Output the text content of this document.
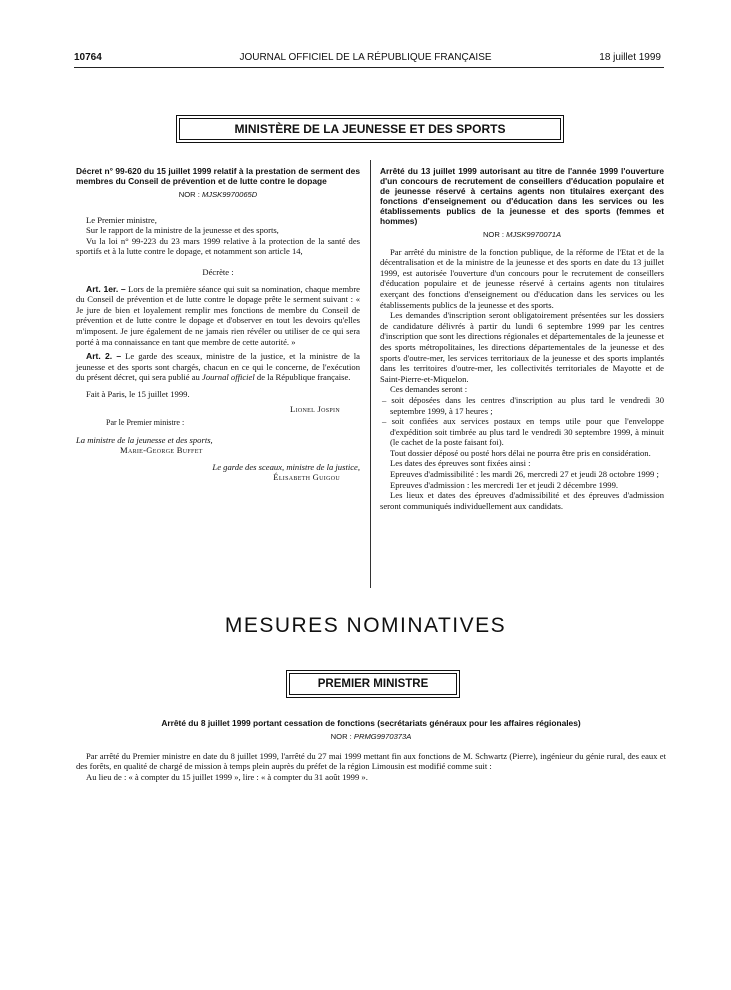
10764	JOURNAL OFFICIEL DE LA RÉPUBLIQUE FRANÇAISE	18 juillet 1999
MINISTÈRE DE LA JEUNESSE ET DES SPORTS
Décret n° 99-620 du 15 juillet 1999 relatif à la prestation de serment des membres du Conseil de prévention et de lutte contre le dopage
NOR : MJSK9970065D

Le Premier ministre,

Sur le rapport de la ministre de la jeunesse et des sports,

Vu la loi n° 99-223 du 23 mars 1999 relative à la protection de la santé des sportifs et à la lutte contre le dopage, et notamment son article 14,

Décrète :

Art. 1er. – Lors de la première séance qui suit sa nomination, chaque membre du Conseil de prévention et de lutte contre le dopage prête le serment suivant : « Je jure de bien et loyalement remplir mes fonctions de membre du Conseil de prévention et de lutte contre le dopage et d'observer en tout les devoirs qu'elles m'imposent. Je jure également de ne jamais rien révéler ou utiliser de ce qui sera porté à ma connaissance en tant que membre de cette autorité. »

Art. 2. – Le garde des sceaux, ministre de la justice, et la ministre de la jeunesse et des sports sont chargés, chacun en ce qui le concerne, de l'exécution du présent décret, qui sera publié au Journal officiel de la République française.

Fait à Paris, le 15 juillet 1999.

Lionel Jospin

Par le Premier ministre :

La ministre de la jeunesse et des sports,

Marie-George Buffet

Le garde des sceaux, ministre de la justice,

Élisabeth Guigou

Arrêté du 13 juillet 1999 autorisant au titre de l'année 1999 l'ouverture d'un concours de recrutement de conseillers d'éducation populaire et de jeunesse réservé à certains agents non titulaires exerçant des fonctions d'enseignement ou d'éducation dans les services ou les établissements publics de la jeunesse et des sports (femmes et hommes)
NOR : MJSK9970071A

Par arrêté du ministre de la fonction publique, de la réforme de l'Etat et de la décentralisation et de la ministre de la jeunesse et des sports en date du 13 juillet 1999, est autorisée l'ouverture d'un concours pour le recrutement de conseillers d'éducation populaire et de jeunesse réservé à certains agents non titulaires exerçant des fonctions d'enseignement ou d'éducation dans les services ou les établissements publics de la jeunesse et des sports.

Les demandes d'inscription seront obligatoirement présentées sur les dossiers de candidature délivrés à partir du lundi 6 septembre 1999 par les centres d'inscription que sont les directions régionales et départementales de la jeunesse et des sports métropolitaines, les directions départementales de la jeunesse et des sports d'outre-mer, les services territoriaux de la jeunesse et des sports implantés dans les territoires d'outre-mer, les collectivités territoriales de Mayotte et de Saint-Pierre-et-Miquelon.

Ces demandes seront :

– soit déposées dans les centres d'inscription au plus tard le vendredi 30 septembre 1999, à 17 heures ;
– soit confiées aux services postaux en temps utile pour que l'enveloppe d'expédition soit timbrée au plus tard le vendredi 30 septembre 1999, à minuit (le cachet de la poste faisant foi).

Tout dossier déposé ou posté hors délai ne pourra être pris en considération.

Les dates des épreuves sont fixées ainsi :

Epreuves d'admissibilité : les mardi 26, mercredi 27 et jeudi 28 octobre 1999 ;

Epreuves d'admission : les mercredi 1er et jeudi 2 décembre 1999.

Les lieux et dates des épreuves d'admissibilité et des épreuves d'admission seront communiqués individuellement aux candidats.

MESURES NOMINATIVES
PREMIER MINISTRE
Arrêté du 8 juillet 1999 portant cessation de fonctions (secrétariats généraux pour les affaires régionales)
NOR : PRMG9970373A

Par arrêté du Premier ministre en date du 8 juillet 1999, l'arrêté du 27 mai 1999 mettant fin aux fonctions de M. Schwartz (Pierre), ingénieur du génie rural, des eaux et des forêts, en qualité de chargé de mission à temps plein auprès du préfet de la région Limousin est modifié comme suit :

Au lieu de : « à compter du 15 juillet 1999 », lire : « à compter du 31 août 1999 ».
